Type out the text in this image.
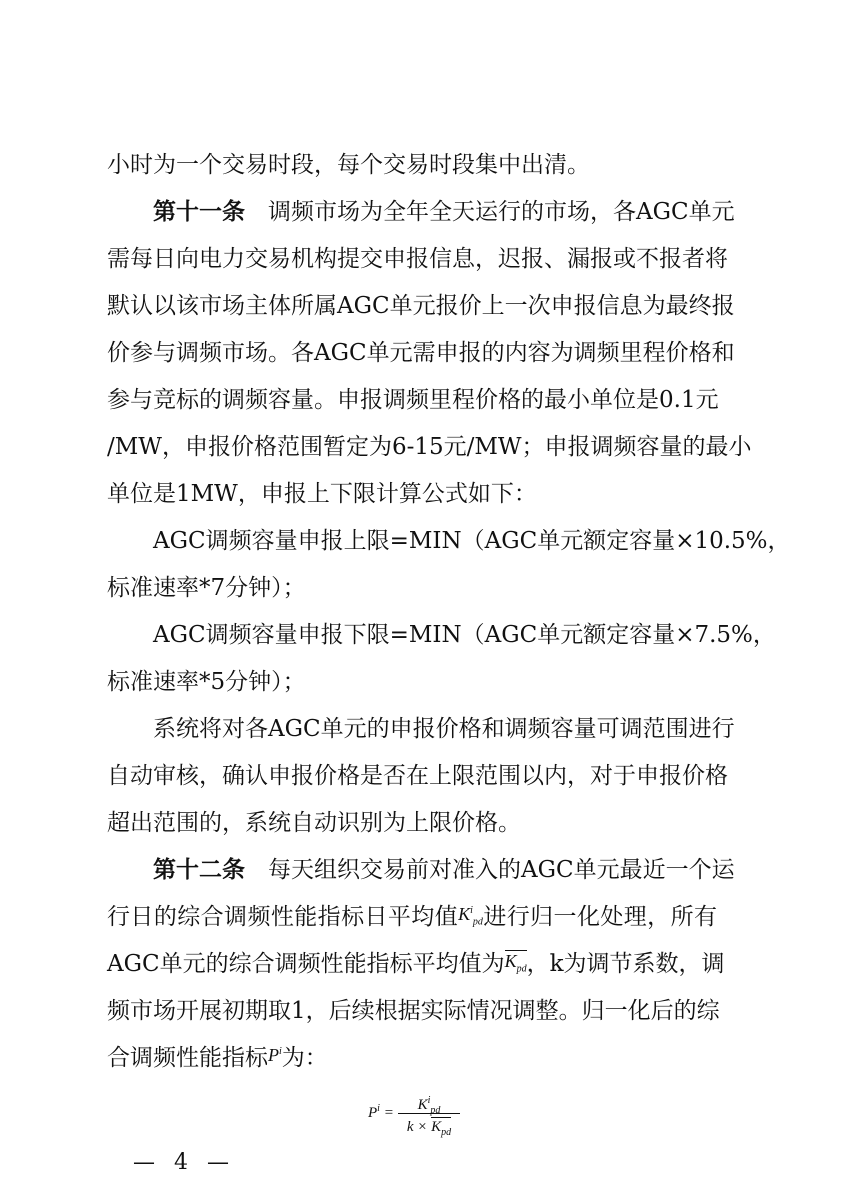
小时为一个交易时段，每个交易时段集中出清。

第十一条　 调频市场为全年全天运行的市场，各AGC单元

需每日向电力交易机构提交申报信息，迟报、漏报或不报者将

默认以该市场主体所属AGC单元报价上一次申报信息为最终报

价参与调频市场。各AGC单元需申报的内容为调频里程价格和

参与竞标的调频容量。申报调频里程价格的最小单位是0.1元

/MW，申报价格范围暂定为6-15元/MW；申报调频容量的最小

单位是1MW，申报上下限计算公式如下：

AGC调频容量申报上限=MIN（AGC单元额定容量×10.5%，

标准速率*7分钟）；

AGC调频容量申报下限=MIN（AGC单元额定容量×7.5%，

标准速率*5分钟）；

系统将对各AGC单元的申报价格和调频容量可调范围进行

自动审核，确认申报价格是否在上限范围以内，对于申报价格

超出范围的，系统自动识别为上限价格。

第十二条　 每天组织交易前对准入的AGC单元最近一个运

行日的综合调频性能指标日平均值$K^i_{pd}$进行归一化处理，所有

AGC单元的综合调频性能指标平均值为$K_{pd}$，k为调节系数，调

频市场开展初期取1，后续根据实际情况调整。归一化后的综

合调频性能指标$P^i$为：

$P^i$ =	$K^i_{pd}$
$k \times K_{pd}$
— 4 —
